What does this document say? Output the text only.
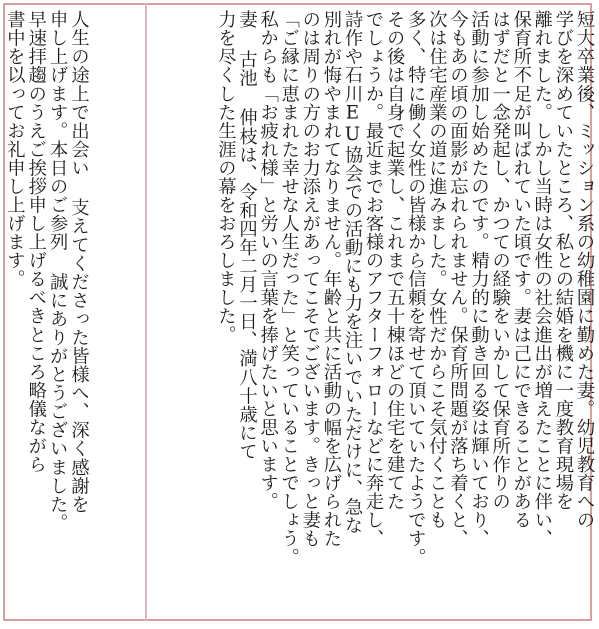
短大卒業後、ミッション系の幼稚園に勤めた妻。幼児教育への

学びを深めていたところ、私との結婚を機に一度教育現場を

離れました。しかし当時は女性の社会進出が増えたことに伴い、

保育所不足が叫ばれていた頃です。妻は己にできることがある

はずだと一念発起し、かつての経験をいかして保育所作りの

活動に参加し始めたのです。精力的に動き回る姿は輝いており、

今もあの頃の面影が忘れられません。保育所問題が落ち着くと、

次は住宅産業の道に進みました。女性だからこそ気付くことも

多く、特に働く女性の皆様から信頼を寄せて頂いていたようです。

その後は自身で起業し、これまで五十棟ほどの住宅を建てた

でしょうか。最近までお客様のアフターフォローなどに奔走し、

詩作や石川EU協会での活動にも力を注いでいただけに、急な

別れが悔やまれてなりません。年齢と共に活動の幅を広げられた

のは周りの方のお力添えがあってこそでございます。きっと妻も

「ご縁に恵まれた幸せな人生だった」と笑っていることでしょう。

私からも「お疲れ様」と労いの言葉を捧げたいと思います。

妻 古池 伸枝は、令和四年二月一日、満八十歳にて

力を尽くした生涯の幕をおろしました。

人生の途上で出会い 支えてくださった皆様へ、深く感謝を

申し上げます。本日のご参列 誠にありがとうございました。

早速拝趨のうえご挨拶申し上げるべきところ略儀ながら

書中を以ってお礼申し上げます。
